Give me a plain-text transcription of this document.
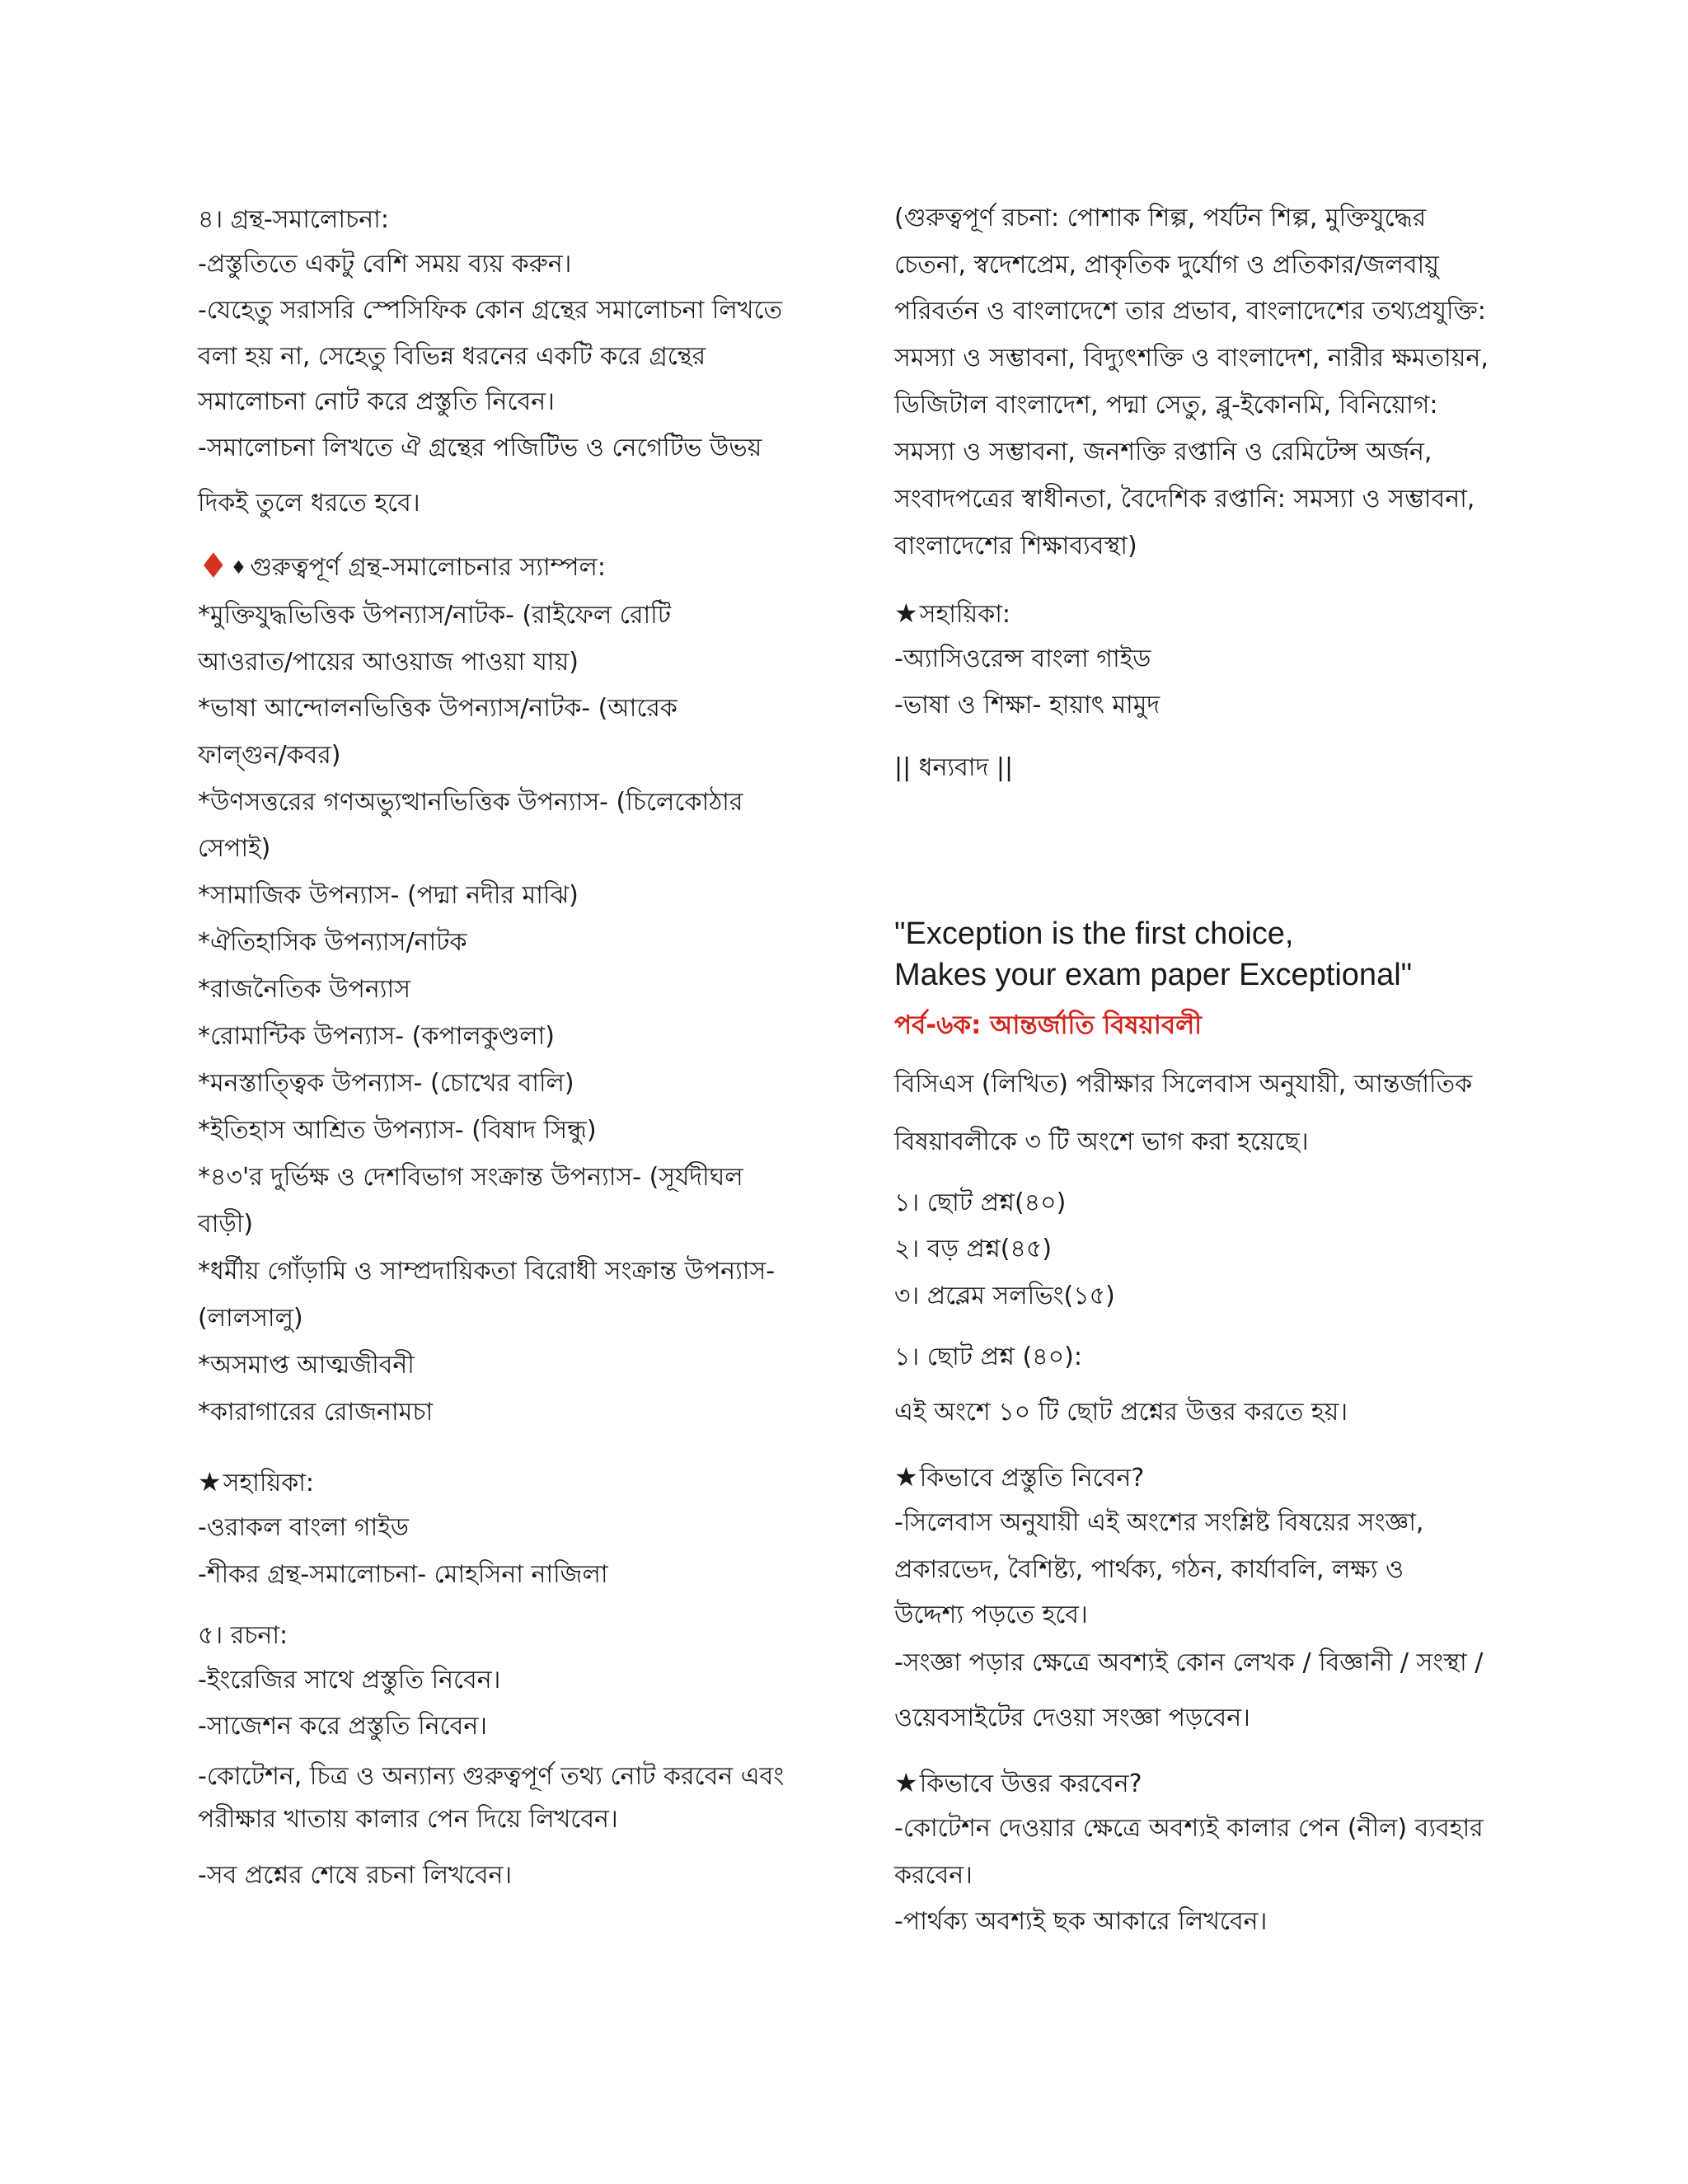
৪। গ্রন্থ-সমালোচনা:
-প্রস্তুতিতে একটু বেশি সময় ব্যয় করুন।
-যেহেতু সরাসরি স্পেসিফিক কোন গ্রন্থের সমালোচনা লিখতে
বলা হয় না, সেহেতু বিভিন্ন ধরনের একটি করে গ্রন্থের
সমালোচনা নোট করে প্রস্তুতি নিবেন।
-সমালোচনা লিখতে ঐ গ্রন্থের পজিটিভ ও নেগেটিভ উভয়
দিকই তুলে ধরতে হবে।
♦♦ গুরুত্বপূর্ণ গ্রন্থ-সমালোচনার স্যাম্পল:
*মুক্তিযুদ্ধভিত্তিক উপন্যাস/নাটক- (রাইফেল রোটি
আওরাত/পায়ের আওয়াজ পাওয়া যায়)
*ভাষা আন্দোলনভিত্তিক উপন্যাস/নাটক- (আরেক
ফাল্গুন/কবর)
*উণসত্তরের গণঅভ্যুত্থানভিত্তিক উপন্যাস- (চিলেকোঠার
সেপাই)
*সামাজিক উপন্যাস- (পদ্মা নদীর মাঝি)
*ঐতিহাসিক উপন্যাস/নাটক
*রাজনৈতিক উপন্যাস
*রোমান্টিক উপন্যাস- (কপালকুণ্ডলা)
*মনস্তাত্ত্বিক উপন্যাস- (চোখের বালি)
*ইতিহাস আশ্রিত উপন্যাস- (বিষাদ সিন্ধু)
*৪৩'র দুর্ভিক্ষ ও দেশবিভাগ সংক্রান্ত উপন্যাস- (সূর্যদীঘল
বাড়ী)
*ধর্মীয় গোঁড়ামি ও সাম্প্রদায়িকতা বিরোধী সংক্রান্ত উপন্যাস-
(লালসালু)
*অসমাপ্ত আত্মজীবনী
*কারাগারের রোজনামচা
★সহায়িকা:
-ওরাকল বাংলা গাইড
-শীকর গ্রন্থ-সমালোচনা- মোহসিনা নাজিলা
৫। রচনা:
-ইংরেজির সাথে প্রস্তুতি নিবেন।
-সাজেশন করে প্রস্তুতি নিবেন।
-কোটেশন, চিত্র ও অন্যান্য গুরুত্বপূর্ণ তথ্য নোট করবেন এবং
পরীক্ষার খাতায় কালার পেন দিয়ে লিখবেন।
-সব প্রশ্নের শেষে রচনা লিখবেন।
(গুরুত্বপূর্ণ রচনা: পোশাক শিল্প, পর্যটন শিল্প, মুক্তিযুদ্ধের
চেতনা, স্বদেশপ্রেম, প্রাকৃতিক দুর্যোগ ও প্রতিকার/জলবায়ু
পরিবর্তন ও বাংলাদেশে তার প্রভাব, বাংলাদেশের তথ্যপ্রযুক্তি:
সমস্যা ও সম্ভাবনা, বিদ্যুৎশক্তি ও বাংলাদেশ, নারীর ক্ষমতায়ন,
ডিজিটাল বাংলাদেশ, পদ্মা সেতু, ব্লু-ইকোনমি, বিনিয়োগ:
সমস্যা ও সম্ভাবনা, জনশক্তি রপ্তানি ও রেমিটেন্স অর্জন,
সংবাদপত্রের স্বাধীনতা, বৈদেশিক রপ্তানি: সমস্যা ও সম্ভাবনা,
বাংলাদেশের শিক্ষাব্যবস্থা)
★সহায়িকা:
-অ্যাসিওরেন্স বাংলা গাইড
-ভাষা ও শিক্ষা- হায়াৎ মামুদ
|| ধন্যবাদ ||
"Exception is the first choice,
Makes your exam paper Exceptional"
পর্ব-৬ক: আন্তর্জাতি বিষয়াবলী
বিসিএস (লিখিত) পরীক্ষার সিলেবাস অনুযায়ী, আন্তর্জাতিক
বিষয়াবলীকে ৩ টি অংশে ভাগ করা হয়েছে।
১। ছোট প্রশ্ন(৪০)
২। বড় প্রশ্ন(৪৫)
৩। প্রব্লেম সলভিং(১৫)
১। ছোট প্রশ্ন (৪০):
এই অংশে ১০ টি ছোট প্রশ্নের উত্তর করতে হয়।
★কিভাবে প্রস্তুতি নিবেন?
-সিলেবাস অনুযায়ী এই অংশের সংশ্লিষ্ট বিষয়ের সংজ্ঞা,
প্রকারভেদ, বৈশিষ্ট্য, পার্থক্য, গঠন, কার্যাবলি, লক্ষ্য ও
উদ্দেশ্য পড়তে হবে।
-সংজ্ঞা পড়ার ক্ষেত্রে অবশ্যই কোন লেখক / বিজ্ঞানী / সংস্থা /
ওয়েবসাইটের দেওয়া সংজ্ঞা পড়বেন।
★কিভাবে উত্তর করবেন?
-কোটেশন দেওয়ার ক্ষেত্রে অবশ্যই কালার পেন (নীল) ব্যবহার
করবেন।
-পার্থক্য অবশ্যই ছক আকারে লিখবেন।
